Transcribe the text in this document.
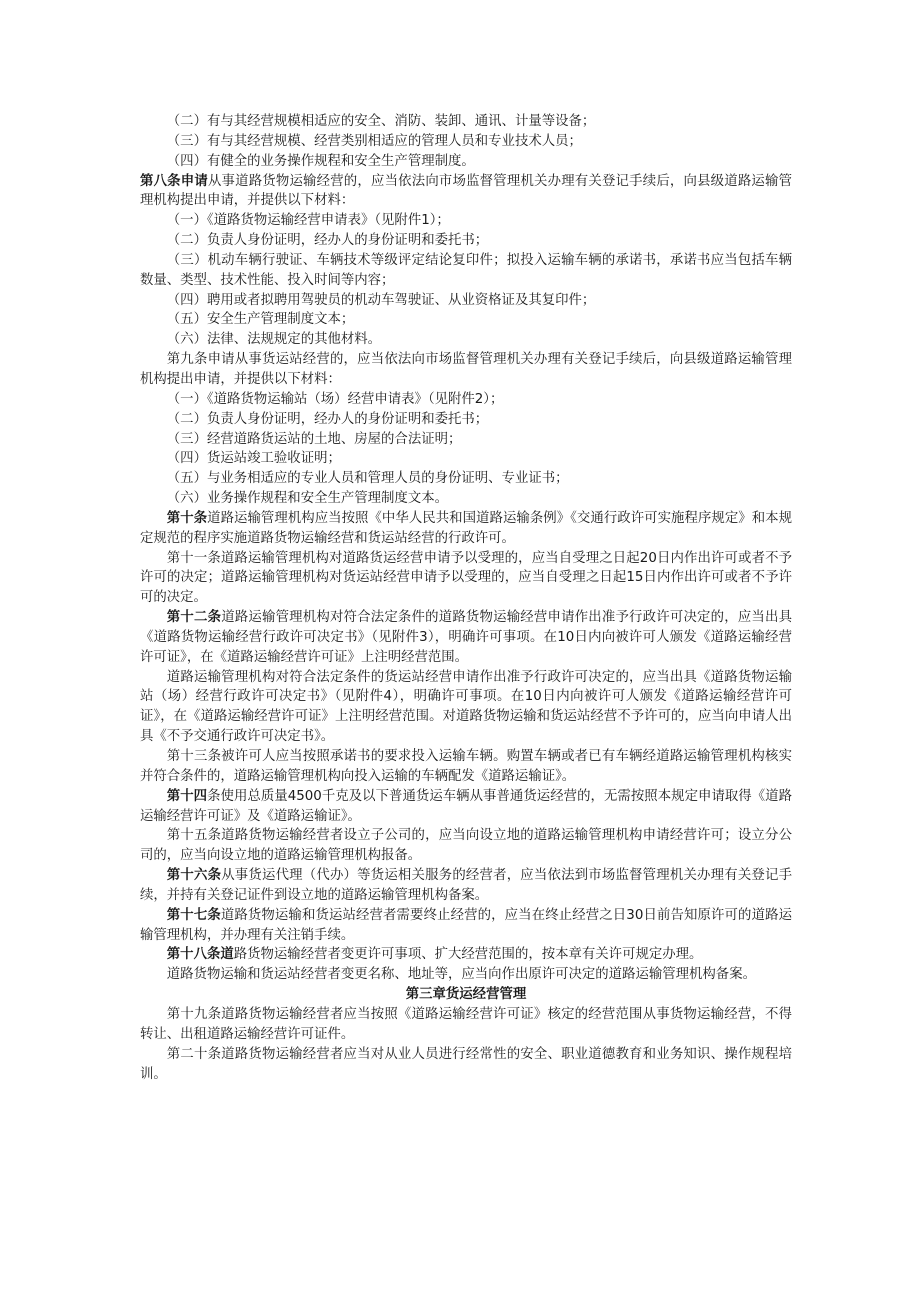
（二）有与其经营规模相适应的安全、消防、装卸、通讯、计量等设备；

（三）有与其经营规模、经营类别相适应的管理人员和专业技术人员；

（四）有健全的业务操作规程和安全生产管理制度。

第八条申请从事道路货物运输经营的，应当依法向市场监督管理机关办理有关登记手续后，向县级道路运输管理机构提出申请，并提供以下材料：

（一）《道路货物运输经营申请表》（见附件1）；

（二）负责人身份证明，经办人的身份证明和委托书；

（三）机动车辆行驶证、车辆技术等级评定结论复印件；拟投入运输车辆的承诺书，承诺书应当包括车辆数量、类型、技术性能、投入时间等内容；

（四）聘用或者拟聘用驾驶员的机动车驾驶证、从业资格证及其复印件；

（五）安全生产管理制度文本；

（六）法律、法规规定的其他材料。

第九条申请从事货运站经营的，应当依法向市场监督管理机关办理有关登记手续后，向县级道路运输管理机构提出申请，并提供以下材料：

（一）《道路货物运输站（场）经营申请表》（见附件2）；

（二）负责人身份证明，经办人的身份证明和委托书；

（三）经营道路货运站的土地、房屋的合法证明；

（四）货运站竣工验收证明；

（五）与业务相适应的专业人员和管理人员的身份证明、专业证书；

（六）业务操作规程和安全生产管理制度文本。

第十条道路运输管理机构应当按照《中华人民共和国道路运输条例》《交通行政许可实施程序规定》和本规定规范的程序实施道路货物运输经营和货运站经营的行政许可。

第十一条道路运输管理机构对道路货运经营申请予以受理的，应当自受理之日起20日内作出许可或者不予许可的决定；道路运输管理机构对货运站经营申请予以受理的，应当自受理之日起15日内作出许可或者不予许可的决定。

第十二条道路运输管理机构对符合法定条件的道路货物运输经营申请作出准予行政许可决定的，应当出具《道路货物运输经营行政许可决定书》（见附件3），明确许可事项。在10日内向被许可人颁发《道路运输经营许可证》，在《道路运输经营许可证》上注明经营范围。

道路运输管理机构对符合法定条件的货运站经营申请作出准予行政许可决定的，应当出具《道路货物运输站（场）经营行政许可决定书》（见附件4），明确许可事项。在10日内向被许可人颁发《道路运输经营许可证》，在《道路运输经营许可证》上注明经营范围。对道路货物运输和货运站经营不予许可的，应当向申请人出具《不予交通行政许可决定书》。

第十三条被许可人应当按照承诺书的要求投入运输车辆。购置车辆或者已有车辆经道路运输管理机构核实并符合条件的，道路运输管理机构向投入运输的车辆配发《道路运输证》。

第十四条使用总质量4500千克及以下普通货运车辆从事普通货运经营的，无需按照本规定申请取得《道路运输经营许可证》及《道路运输证》。

第十五条道路货物运输经营者设立子公司的，应当向设立地的道路运输管理机构申请经营许可；设立分公司的，应当向设立地的道路运输管理机构报备。

第十六条从事货运代理（代办）等货运相关服务的经营者，应当依法到市场监督管理机关办理有关登记手续，并持有关登记证件到设立地的道路运输管理机构备案。

第十七条道路货物运输和货运站经营者需要终止经营的，应当在终止经营之日30日前告知原许可的道路运输管理机构，并办理有关注销手续。

第十八条道路货物运输经营者变更许可事项、扩大经营范围的，按本章有关许可规定办理。

道路货物运输和货运站经营者变更名称、地址等，应当向作出原许可决定的道路运输管理机构备案。

第三章货运经营管理

第十九条道路货物运输经营者应当按照《道路运输经营许可证》核定的经营范围从事货物运输经营，不得转让、出租道路运输经营许可证件。

第二十条道路货物运输经营者应当对从业人员进行经常性的安全、职业道德教育和业务知识、操作规程培训。
